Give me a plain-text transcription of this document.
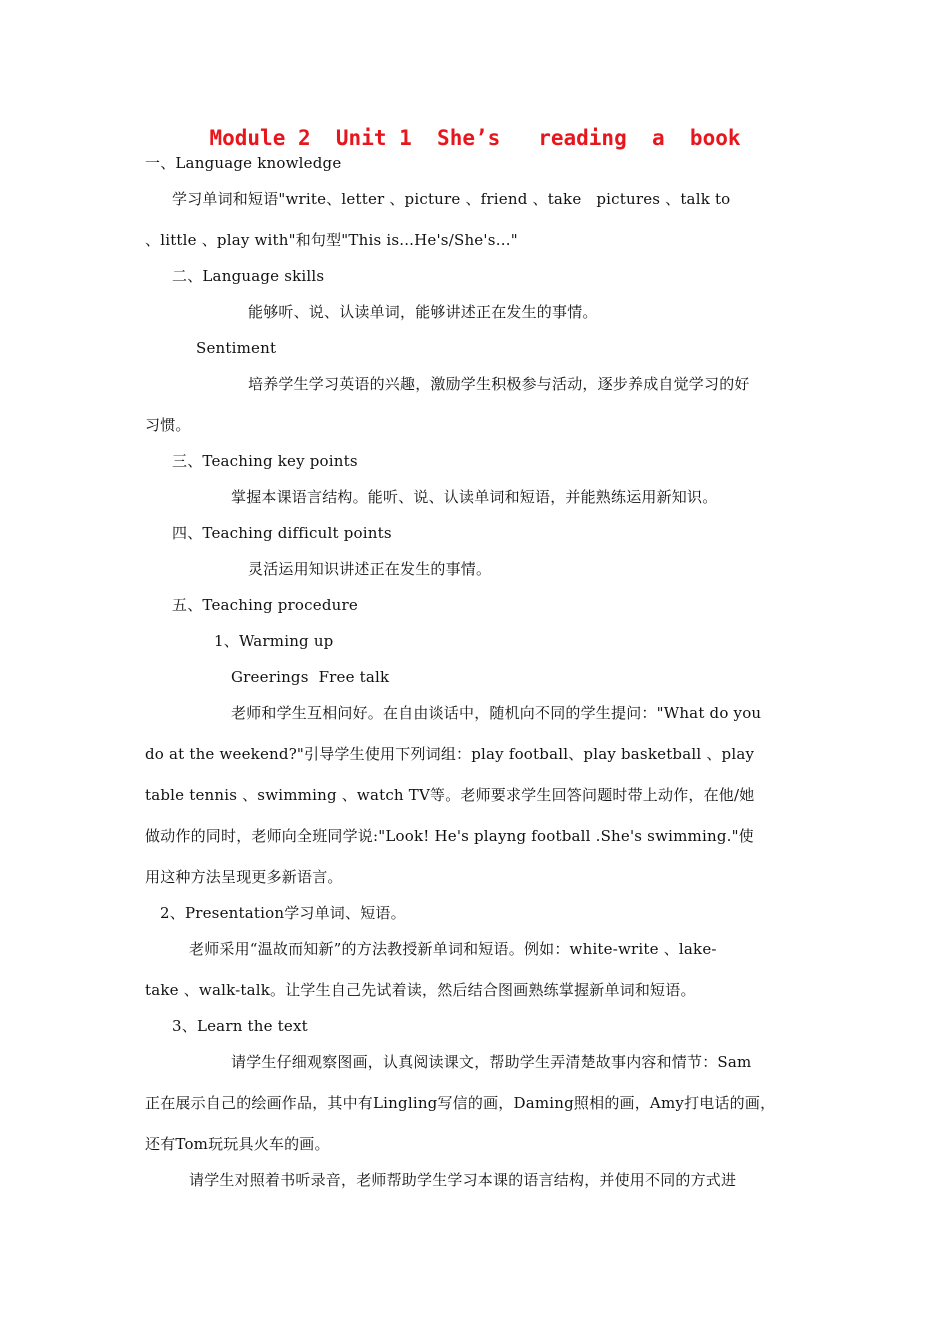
Module 2  Unit 1  She’s   reading  a  book
一、Language knowledge
学习单词和短语"write、letter 、picture 、friend 、take   pictures 、talk to
、little 、play with"和句型"This is...He's/She's…"
二、Language skills
能够听、说、认读单词，能够讲述正在发生的事情。
Sentiment
培养学生学习英语的兴趣，激励学生积极参与活动，逐步养成自觉学习的好
习惯。
三、Teaching key points
掌握本课语言结构。能听、说、认读单词和短语，并能熟练运用新知识。
四、Teaching difficult points
灵活运用知识讲述正在发生的事情。
五、Teaching procedure
1、Warming up
Greerings  Free talk
老师和学生互相问好。在自由谈话中，随机向不同的学生提问："What do you
do at the weekend?"引导学生使用下列词组：play football、play basketball 、play
table tennis 、swimming 、watch TV等。老师要求学生回答问题时带上动作，在他/她
做动作的同时，老师向全班同学说:"Look! He's playng football .She's swimming."使
用这种方法呈现更多新语言。
2、Presentation学习单词、短语。
老师采用“温故而知新”的方法教授新单词和短语。例如：white-write 、lake-
take 、walk-talk。让学生自己先试着读，然后结合图画熟练掌握新单词和短语。
3、Learn the text
请学生仔细观察图画，认真阅读课文，帮助学生弄清楚故事内容和情节：Sam
正在展示自己的绘画作品，其中有Lingling写信的画，Daming照相的画，Amy打电话的画，
还有Tom玩玩具火车的画。
请学生对照着书听录音，老师帮助学生学习本课的语言结构，并使用不同的方式进
